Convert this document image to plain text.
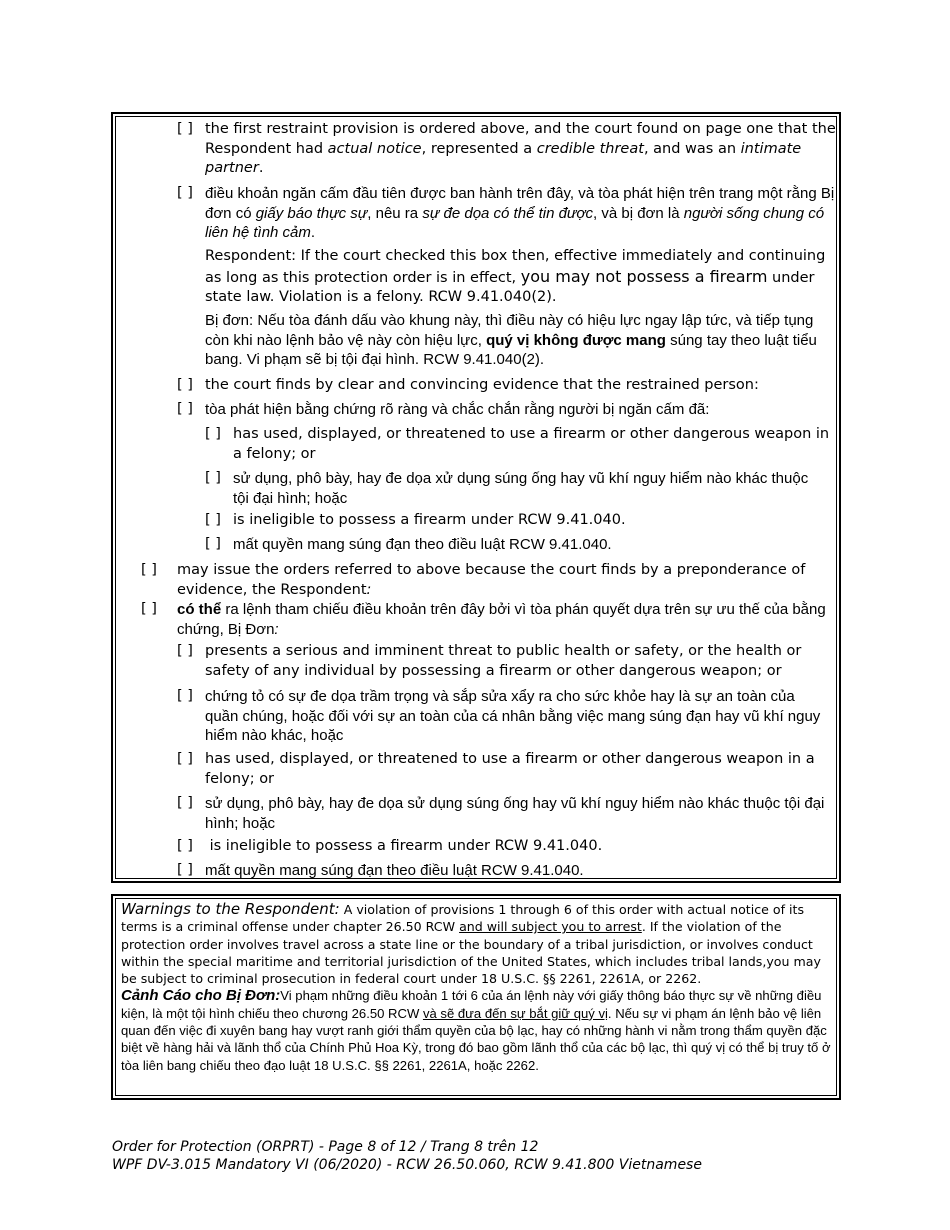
[ ] the first restraint provision is ordered above, and the court found on page one that the Respondent had actual notice, represented a credible threat, and was an intimate partner.
[ ] điều khoản ngăn cấm đầu tiên được ban hành trên đây, và tòa phát hiện trên trang một rằng Bị đơn có giấy báo thực sự, nêu ra sự đe dọa có thể tin được, và bị đơn là người sống chung có liên hệ tình cảm.
Respondent: If the court checked this box then, effective immediately and continuing as long as this protection order is in effect, you may not possess a firearm under state law. Violation is a felony. RCW 9.41.040(2).
Bị đơn: Nếu tòa đánh dấu vào khung này, thì điều này có hiệu lực ngay lập tức, và tiếp tụng còn khi nào lệnh bảo vệ này còn hiệu lực, quý vị không được mang súng tay theo luật tiểu bang. Vi phạm sẽ bị tội đại hình. RCW 9.41.040(2).
[ ] the court finds by clear and convincing evidence that the restrained person:
[ ] tòa phát hiện bằng chứng rõ ràng và chắc chắn rằng người bị ngăn cấm đã:
[ ] has used, displayed, or threatened to use a firearm or other dangerous weapon in a felony; or
[ ] sử dụng, phô bày, hay đe dọa xử dụng súng ống hay vũ khí nguy hiểm nào khác thuộc tội đại hình; hoặc
[ ] is ineligible to possess a firearm under RCW 9.41.040.
[ ] mất quyền mang súng đạn theo điều luật RCW 9.41.040.
[ ] may issue the orders referred to above because the court finds by a preponderance of evidence, the Respondent:
[ ] có thể ra lệnh tham chiếu điều khoản trên đây bởi vì tòa phán quyết dựa trên sự ưu thế của bằng chứng, Bị Đơn:
[ ] presents a serious and imminent threat to public health or safety, or the health or safety of any individual by possessing a firearm or other dangerous weapon; or
[ ] chứng tỏ có sự đe dọa trầm trọng và sắp sửa xẩy ra cho sức khỏe hay là sự an toàn của quần chúng, hoặc đối với sự an toàn của cá nhân bằng việc mang súng đạn hay vũ khí nguy hiểm nào khác, hoặc
[ ] has used, displayed, or threatened to use a firearm or other dangerous weapon in a felony; or
[ ] sử dụng, phô bày, hay đe dọa sử dụng súng ống hay vũ khí nguy hiểm nào khác thuộc tội đại hình; hoặc
[ ] is ineligible to possess a firearm under RCW 9.41.040.
[ ] mất quyền mang súng đạn theo điều luật RCW 9.41.040.
Warnings to the Respondent: A violation of provisions 1 through 6 of this order with actual notice of its terms is a criminal offense under chapter 26.50 RCW and will subject you to arrest. If the violation of the protection order involves travel across a state line or the boundary of a tribal jurisdiction, or involves conduct within the special maritime and territorial jurisdiction of the United States, which includes tribal lands,you may be subject to criminal prosecution in federal court under 18 U.S.C. §§ 2261, 2261A, or 2262.
Cảnh Cáo cho Bị Đơn:Vi phạm những điều khoản 1 tới 6 của án lệnh này với giấy thông báo thực sự về những điều kiện, là một tội hình chiếu theo chương 26.50 RCW và sẽ đưa đến sự bắt giữ quý vị. Nếu sự vi phạm án lệnh bảo vệ liên quan đến việc đi xuyên bang hay vượt ranh giới thẩm quyền của bộ lạc, hay có những hành vi nằm trong thẩm quyền đặc biệt về hàng hải và lãnh thổ của Chính Phủ Hoa Kỳ, trong đó bao gồm lãnh thổ của các bộ lạc, thì quý vị có thể bị truy tố ở tòa liên bang chiếu theo đạo luật 18 U.S.C. §§ 2261, 2261A, hoặc 2262.
Order for Protection (ORPRT) - Page 8 of 12 / Trang 8 trên 12
WPF DV-3.015 Mandatory VI (06/2020) - RCW 26.50.060, RCW 9.41.800 Vietnamese
